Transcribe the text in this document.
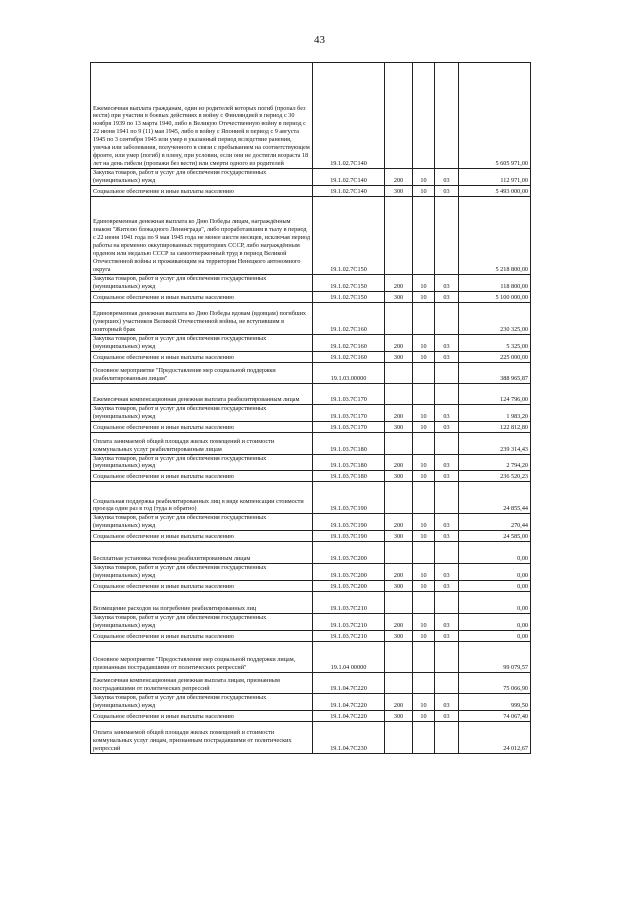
43
Ежемесячная выплата гражданам, один из родителей которых погиб (пропал без вести) при участии в боевых действиях в войну с Финляндией в период с 30 ноября 1939 по 13 марта 1940, либо в Великую Отечественную войну в период с 22 июня 1941 по 9 (11) мая 1945, либо в войну с Японией в период с 9 августа 1945 по 3 сентября 1945 или умер в указанный период вследствие ранения, увечья или заболевания, полученного в связи с пребыванием на соответствующем фронте, или умер (погиб) в плену, при условии, если они не достигли возраста 18 лет на день гибели (пропажи без вести) или смерти одного из родителей	19.1.02.7С140				5 605 971,00
Закупка товаров, работ и услуг для обеспечения государственных (муниципальных) нужд	19.1.02.7С140	200	10	03	112 971,00
Социальное обеспечение и иные выплаты населению	19.1.02.7С140	300	10	03	5 493 000,00
Единовременная денежная выплата ко Дню Победы лицам, награждённым знаком "Жителю блокадного Ленинграда", либо проработавшим в тылу в период с 22 июня 1941 года по 9 мая 1945 года не менее шести месяцев, исключая период работы на временно оккупированных территориях СССР, либо награждённым орденом или медалью СССР за самоотверженный труд в период Великой Отечественной войны и проживающим на территории Ненецкого автономного округа	19.1.02.7С150				5 218 800,00
Закупка товаров, работ и услуг для обеспечения государственных (муниципальных) нужд	19.1.02.7С150	200	10	03	118 800,00
Социальное обеспечение и иные выплаты населению	19.1.02.7С150	300	10	03	5 100 000,00
Единовременная денежная выплата ко Дню Победы вдовам (вдовцам) погибших (умерших) участников Великой Отечественной войны, не вступившим в повторный брак	19.1.02.7С160				230 325,00
Закупка товаров, работ и услуг для обеспечения государственных (муниципальных) нужд	19.1.02.7С160	200	10	03	5 325,00
Социальное обеспечение и иные выплаты населению	19.1.02.7С160	300	10	03	225 000,00
Основное мероприятие "Предоставление мер социальной поддержки реабилитированным лицам"	19.1.03.00000				388 965,87
Ежемесячная компенсационная денежная выплата реабилитированным лицам	19.1.03.7С170				124 796,00
Закупка товаров, работ и услуг для обеспечения государственных (муниципальных) нужд	19.1.03.7С170	200	10	03	1 983,20
Социальное обеспечение и иные выплаты населению	19.1.03.7С170	300	10	03	122 812,80
Оплата занимаемой общей площади жилых помещений и стоимости коммунальных услуг реабилитированным лицам	19.1.03.7С180				239 314,43
Закупка товаров, работ и услуг для обеспечения государственных (муниципальных) нужд	19.1.03.7С180	200	10	03	2 794,20
Социальное обеспечение и иные выплаты населению	19.1.03.7С180	300	10	03	236 520,23
Социальная поддержка реабилитированных лиц в виде компенсации стоимости проезда один раз в год (туда и обратно)	19.1.03.7С190				24 855,44
Закупка товаров, работ и услуг для обеспечения государственных (муниципальных) нужд	19.1.03.7С190	200	10	03	270,44
Социальное обеспечение и иные выплаты населению	19.1.03.7С190	300	10	03	24 585,00
Бесплатная установка телефона реабилитированным лицам	19.1.03.7С200				0,00
Закупка товаров, работ и услуг для обеспечения государственных (муниципальных) нужд	19.1.03.7С200	200	10	03	0,00
Социальное обеспечение и иные выплаты населению	19.1.03.7С200	300	10	03	0,00
Возмещение расходов на погребение реабилитированных лиц	19.1.03.7С210				0,00
Закупка товаров, работ и услуг для обеспечения государственных (муниципальных) нужд	19.1.03.7С210	200	10	03	0,00
Социальное обеспечение и иные выплаты населению	19.1.03.7С210	300	10	03	0,00
Основное мероприятие "Предоставление мер социальной поддержки лицам, признанным пострадавшими от политических репрессий"	19.1.04 00000				99 079,57
Ежемесячная компенсационная денежная выплата лицам, признанным пострадавшими от политических репрессий	19.1.04.7С220				75 066,90
Закупка товаров, работ и услуг для обеспечения государственных (муниципальных) нужд	19.1.04.7С220	200	10	03	999,50
Социальное обеспечение и иные выплаты населению	19.1.04.7С220	300	10	03	74 067,40
Оплата занимаемой общей площади жилых помещений и стоимости коммунальных услуг лицам, признанным пострадавшими от политических репрессий	19.1.04.7С230				24 012,67
